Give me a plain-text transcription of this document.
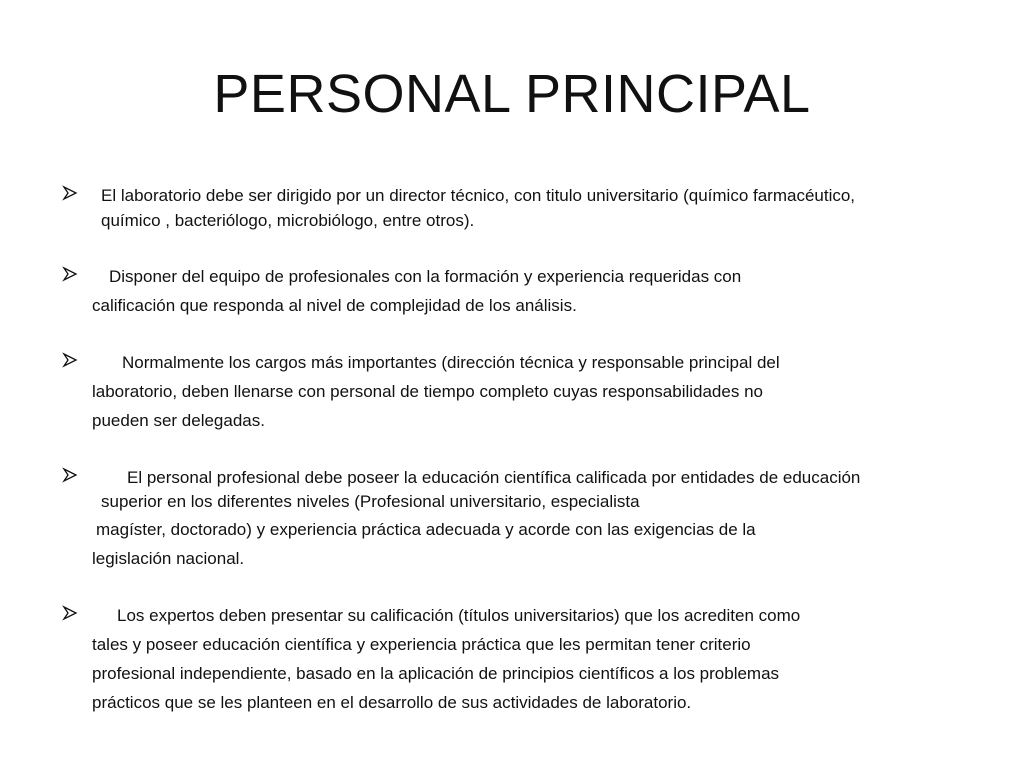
PERSONAL PRINCIPAL
El laboratorio debe ser dirigido por un director técnico, con titulo universitario (químico farmacéutico,
químico , bacteriólogo, microbiólogo, entre otros).
Disponer del equipo de profesionales con la formación y experiencia requeridas con
calificación que responda al nivel de complejidad de los análisis.
Normalmente los cargos más importantes (dirección técnica y responsable principal del
laboratorio, deben llenarse con personal de tiempo completo cuyas responsabilidades no
pueden ser delegadas.
El personal profesional debe poseer la educación científica calificada por entidades de educación
superior en los diferentes niveles (Profesional universitario, especialista
magíster, doctorado) y experiencia práctica adecuada y acorde con las exigencias de la
legislación nacional.
Los expertos deben presentar su calificación (títulos universitarios) que los acrediten como
tales y poseer educación científica y experiencia práctica que les permitan tener criterio
profesional independiente, basado en la aplicación de principios científicos a los problemas
prácticos que se les planteen en el desarrollo de sus actividades de laboratorio.
